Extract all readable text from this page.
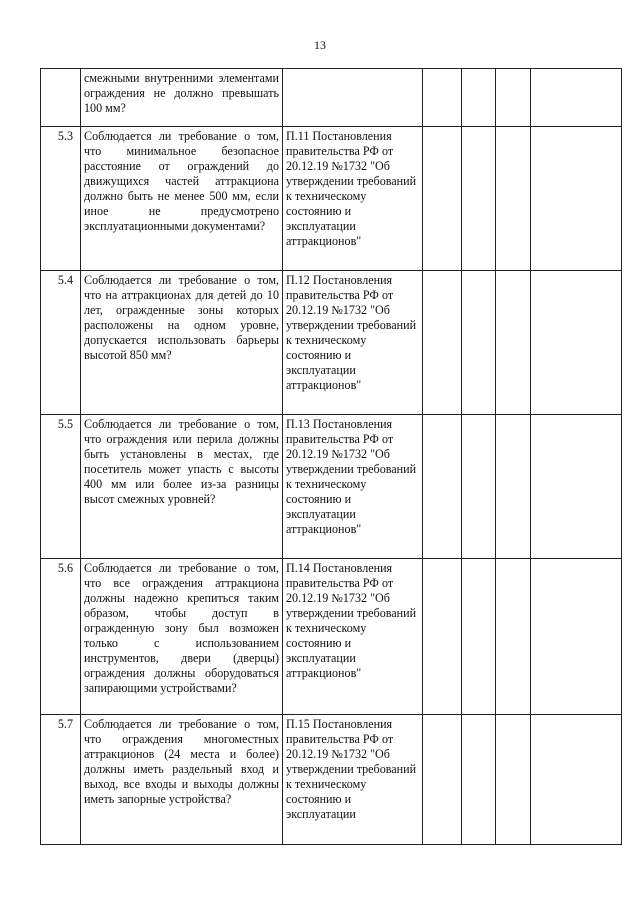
13
	смежными внутренними элементами ограждения не должно превышать 100 мм?					
5.3	Соблюдается ли требование о том, что минимальное безопасное расстояние от ограждений до движущихся частей аттракциона должно быть не менее 500 мм, если иное не предусмотрено эксплуатационными документами?	П.11 Постановления правительства РФ от 20.12.19 №1732 "Об утверждении требований к техническому состоянию и эксплуатации аттракционов"				
5.4	Соблюдается ли требование о том, что на аттракционах для детей до 10 лет, огражденные зоны которых расположены на одном уровне, допускается использовать барьеры высотой 850 мм?	П.12 Постановления правительства РФ от 20.12.19 №1732 "Об утверждении требований к техническому состоянию и эксплуатации аттракционов"				
5.5	Соблюдается ли требование о том, что ограждения или перила должны быть установлены в местах, где посетитель может упасть с высоты 400 мм или более из-за разницы высот смежных уровней?	П.13 Постановления правительства РФ от 20.12.19 №1732 "Об утверждении требований к техническому состоянию и эксплуатации аттракционов"				
5.6	Соблюдается ли требование о том, что все ограждения аттракциона должны надежно крепиться таким образом, чтобы доступ в огражденную зону был возможен только с использованием инструментов, двери (дверцы) ограждения должны оборудоваться запирающими устройствами?	П.14 Постановления правительства РФ от 20.12.19 №1732 "Об утверждении требований к техническому состоянию и эксплуатации аттракционов"				
5.7	Соблюдается ли требование о том, что ограждения многоместных аттракционов (24 места и более) должны иметь раздельный вход и выход, все входы и выходы должны иметь запорные устройства?	П.15 Постановления правительства РФ от 20.12.19 №1732 "Об утверждении требований к техническому состоянию и эксплуатации				
